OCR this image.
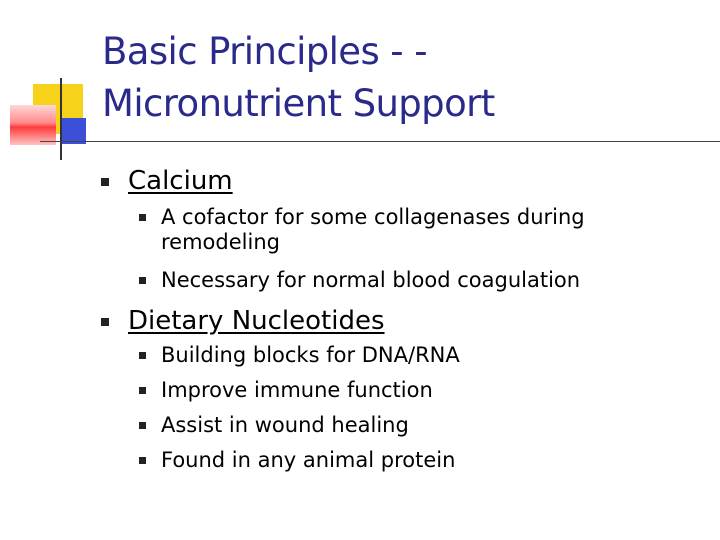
Basic Principles - -
Micronutrient Support
Calcium
A cofactor for some collagenases during remodeling
Necessary for normal blood coagulation
Dietary Nucleotides
Building blocks for DNA/RNA
Improve immune function
Assist in wound healing
Found in any animal protein
